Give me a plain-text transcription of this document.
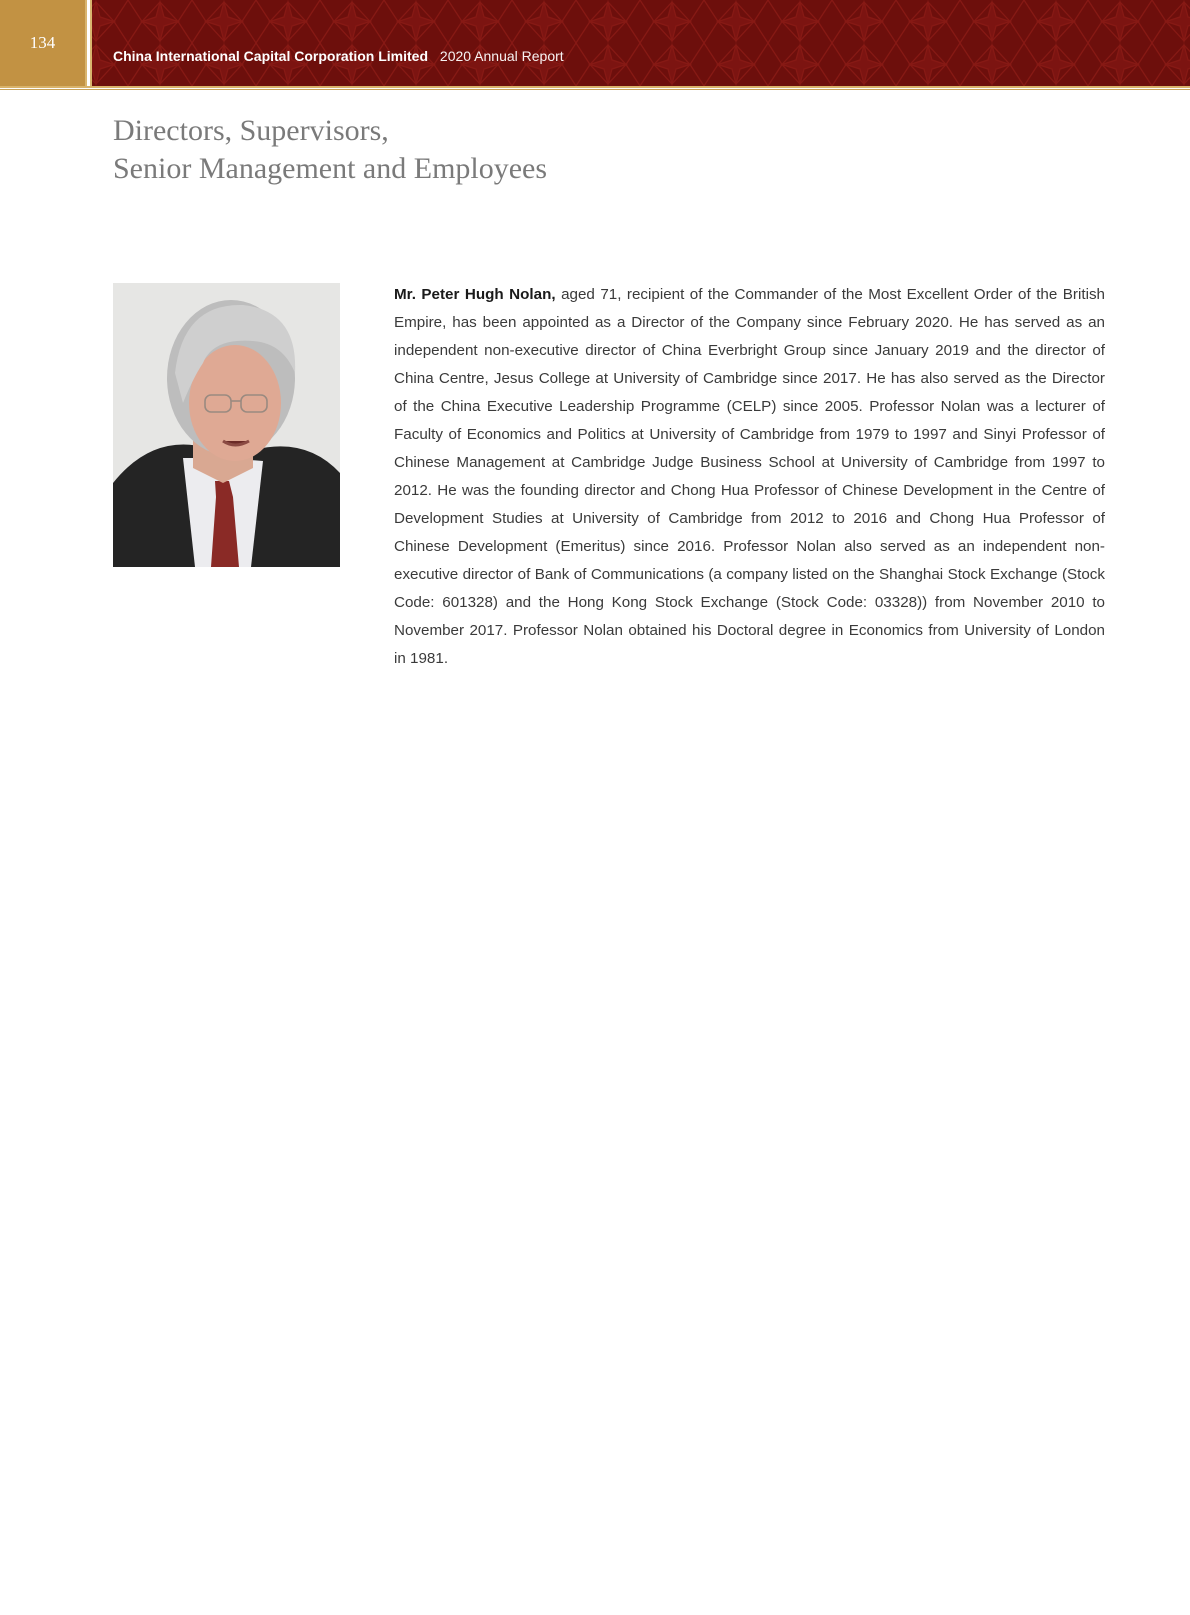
134
China International Capital Corporation Limited 2020 Annual Report
Directors, Supervisors,
Senior Management and Employees

Mr. Peter Hugh Nolan, aged 71, recipient of the Commander of the Most Excellent Order of the British Empire, has been appointed as a Director of the Company since February 2020. He has served as an independent non-executive director of China Everbright Group since January 2019 and the director of China Centre, Jesus College at University of Cambridge since 2017. He has also served as the Director of the China Executive Leadership Programme (CELP) since 2005. Professor Nolan was a lecturer of Faculty of Economics and Politics at University of Cambridge from 1979 to 1997 and Sinyi Professor of Chinese Management at Cambridge Judge Business School at University of Cambridge from 1997 to 2012. He was the founding director and Chong Hua Professor of Chinese Development in the Centre of Development Studies at University of Cambridge from 2012 to 2016 and Chong Hua Professor of Chinese Development (Emeritus) since 2016. Professor Nolan also served as an independent non-executive director of Bank of Communications (a company listed on the Shanghai Stock Exchange (Stock Code: 601328) and the Hong Kong Stock Exchange (Stock Code: 03328)) from November 2010 to November 2017. Professor Nolan obtained his Doctoral degree in Economics from University of London in 1981.
